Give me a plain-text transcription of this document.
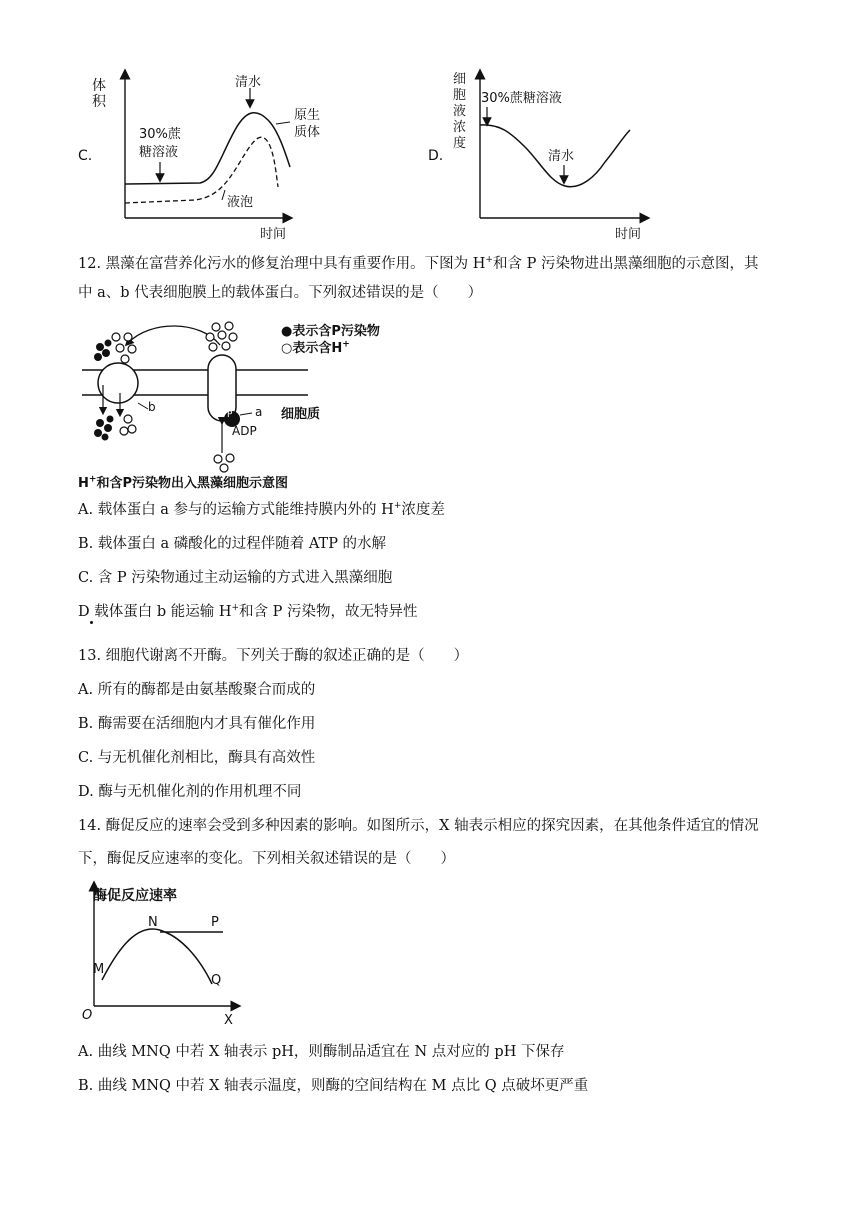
C.
体积
30%蔗
糖溶液
清水
原生
质体
液泡
时间
D.
细胞液浓度
30%蔗糖溶液
清水
时间
12. 黑藻在富营养化污水的修复治理中具有重要作用。下图为 H+和含 P 污染物进出黑藻细胞的示意图，其
中 a、b 代表细胞膜上的载体蛋白。下列叙述错误的是（　　）
P a
b
ADP
●表示含P污染物
○表示含H+
细胞质
H+和含P污染物出入黑藻细胞示意图
A. 载体蛋白 a 参与的运输方式能维持膜内外的 H+浓度差
B. 载体蛋白 a 磷酸化的过程伴随着 ATP 的水解
C. 含 P 污染物通过主动运输的方式进入黑藻细胞
D 载体蛋白 b 能运输 H+和含 P 污染物，故无特异性
13. 细胞代谢离不开酶。下列关于酶的叙述正确的是（　　）
A. 所有的酶都是由氨基酸聚合而成的
B. 酶需要在活细胞内才具有催化作用
C. 与无机催化剂相比，酶具有高效性
D. 酶与无机催化剂的作用机理不同
14. 酶促反应的速率会受到多种因素的影响。如图所示，X 轴表示相应的探究因素，在其他条件适宜的情况
下，酶促反应速率的变化。下列相关叙述错误的是（　　）
酶促反应速率
M
N	P
Q
O	X
A. 曲线 MNQ 中若 X 轴表示 pH，则酶制品适宜在 N 点对应的 pH 下保存
B. 曲线 MNQ 中若 X 轴表示温度，则酶的空间结构在 M 点比 Q 点破坏更严重
